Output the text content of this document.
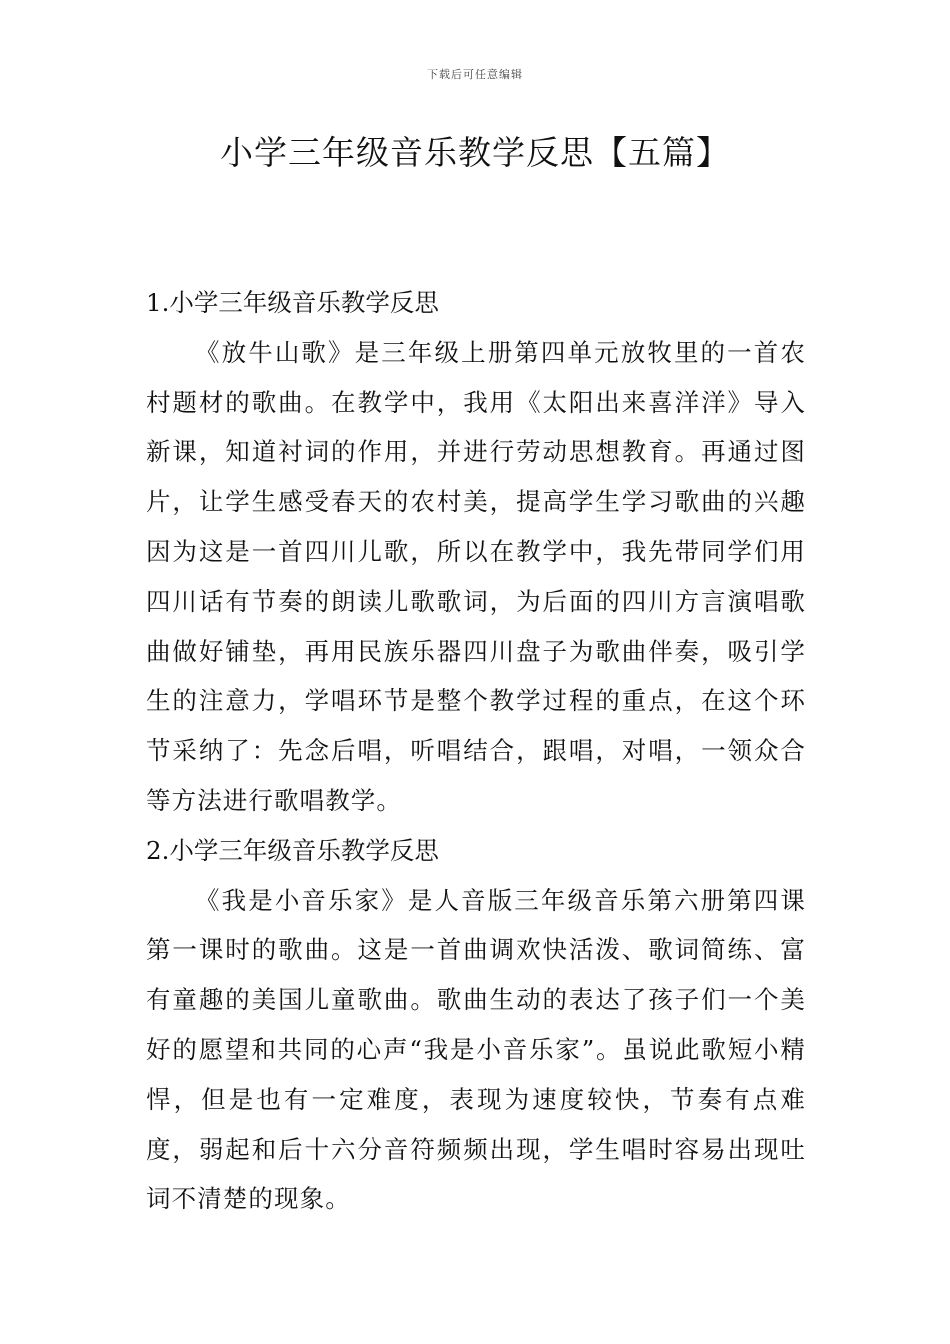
下载后可任意编辑
小学三年级音乐教学反思【五篇】

1.小学三年级音乐教学反思

《放牛山歌》是三年级上册第四单元放牧里的一首农村题材的歌曲。在教学中，我用《太阳出来喜洋洋》导入新课，知道衬词的作用，并进行劳动思想教育。再通过图片，让学生感受春天的农村美，提高学生学习歌曲的兴趣因为这是一首四川儿歌，所以在教学中，我先带同学们用四川话有节奏的朗读儿歌歌词，为后面的四川方言演唱歌曲做好铺垫，再用民族乐器四川盘子为歌曲伴奏，吸引学生的注意力，学唱环节是整个教学过程的重点，在这个环节采纳了：先念后唱，听唱结合，跟唱，对唱，一领众合等方法进行歌唱教学。

2.小学三年级音乐教学反思

《我是小音乐家》是人音版三年级音乐第六册第四课第一课时的歌曲。这是一首曲调欢快活泼、歌词简练、富有童趣的美国儿童歌曲。歌曲生动的表达了孩子们一个美好的愿望和共同的心声“我是小音乐家”。虽说此歌短小精悍，但是也有一定难度，表现为速度较快，节奏有点难度，弱起和后十六分音符频频出现，学生唱时容易出现吐词不清楚的现象。
